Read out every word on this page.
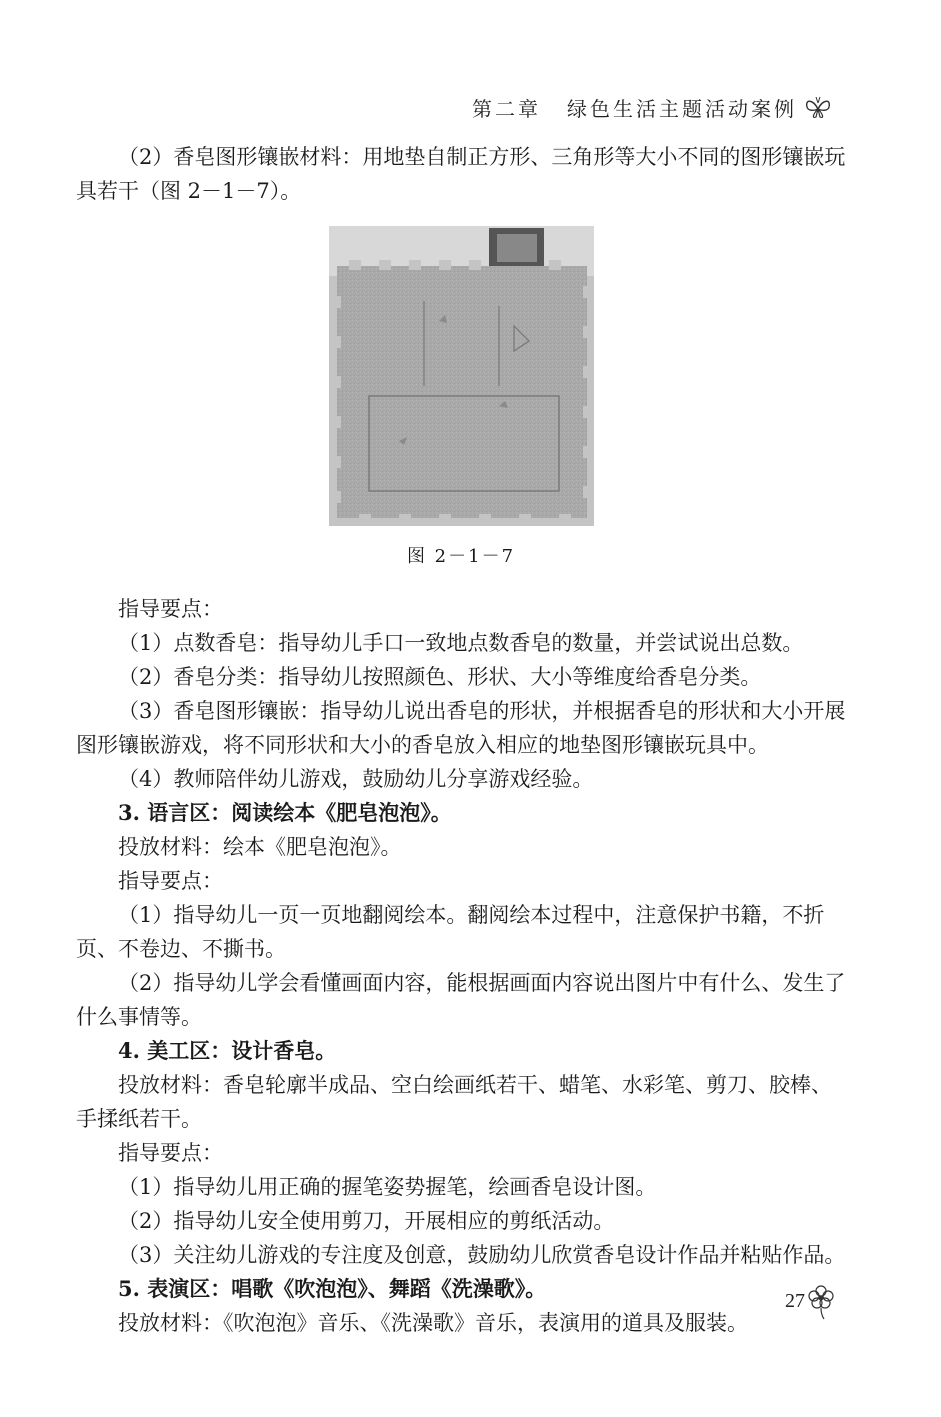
第二章 绿色生活主题活动案例

（2）香皂图形镶嵌材料：用地垫自制正方形、三角形等大小不同的图形镶嵌玩具若干（图 2－1－7）。

图 2－1－7

指导要点：

（1）点数香皂：指导幼儿手口一致地点数香皂的数量，并尝试说出总数。

（2）香皂分类：指导幼儿按照颜色、形状、大小等维度给香皂分类。

（3）香皂图形镶嵌：指导幼儿说出香皂的形状，并根据香皂的形状和大小开展图形镶嵌游戏，将不同形状和大小的香皂放入相应的地垫图形镶嵌玩具中。

（4）教师陪伴幼儿游戏，鼓励幼儿分享游戏经验。

3. 语言区：阅读绘本《肥皂泡泡》。

投放材料：绘本《肥皂泡泡》。

指导要点：

（1）指导幼儿一页一页地翻阅绘本。翻阅绘本过程中，注意保护书籍，不折页、不卷边、不撕书。

（2）指导幼儿学会看懂画面内容，能根据画面内容说出图片中有什么、发生了什么事情等。

4. 美工区：设计香皂。

投放材料：香皂轮廓半成品、空白绘画纸若干、蜡笔、水彩笔、剪刀、胶棒、手揉纸若干。

指导要点：

（1）指导幼儿用正确的握笔姿势握笔，绘画香皂设计图。

（2）指导幼儿安全使用剪刀，开展相应的剪纸活动。

（3）关注幼儿游戏的专注度及创意，鼓励幼儿欣赏香皂设计作品并粘贴作品。

5. 表演区：唱歌《吹泡泡》、舞蹈《洗澡歌》。

投放材料：《吹泡泡》音乐、《洗澡歌》音乐，表演用的道具及服装。

27
